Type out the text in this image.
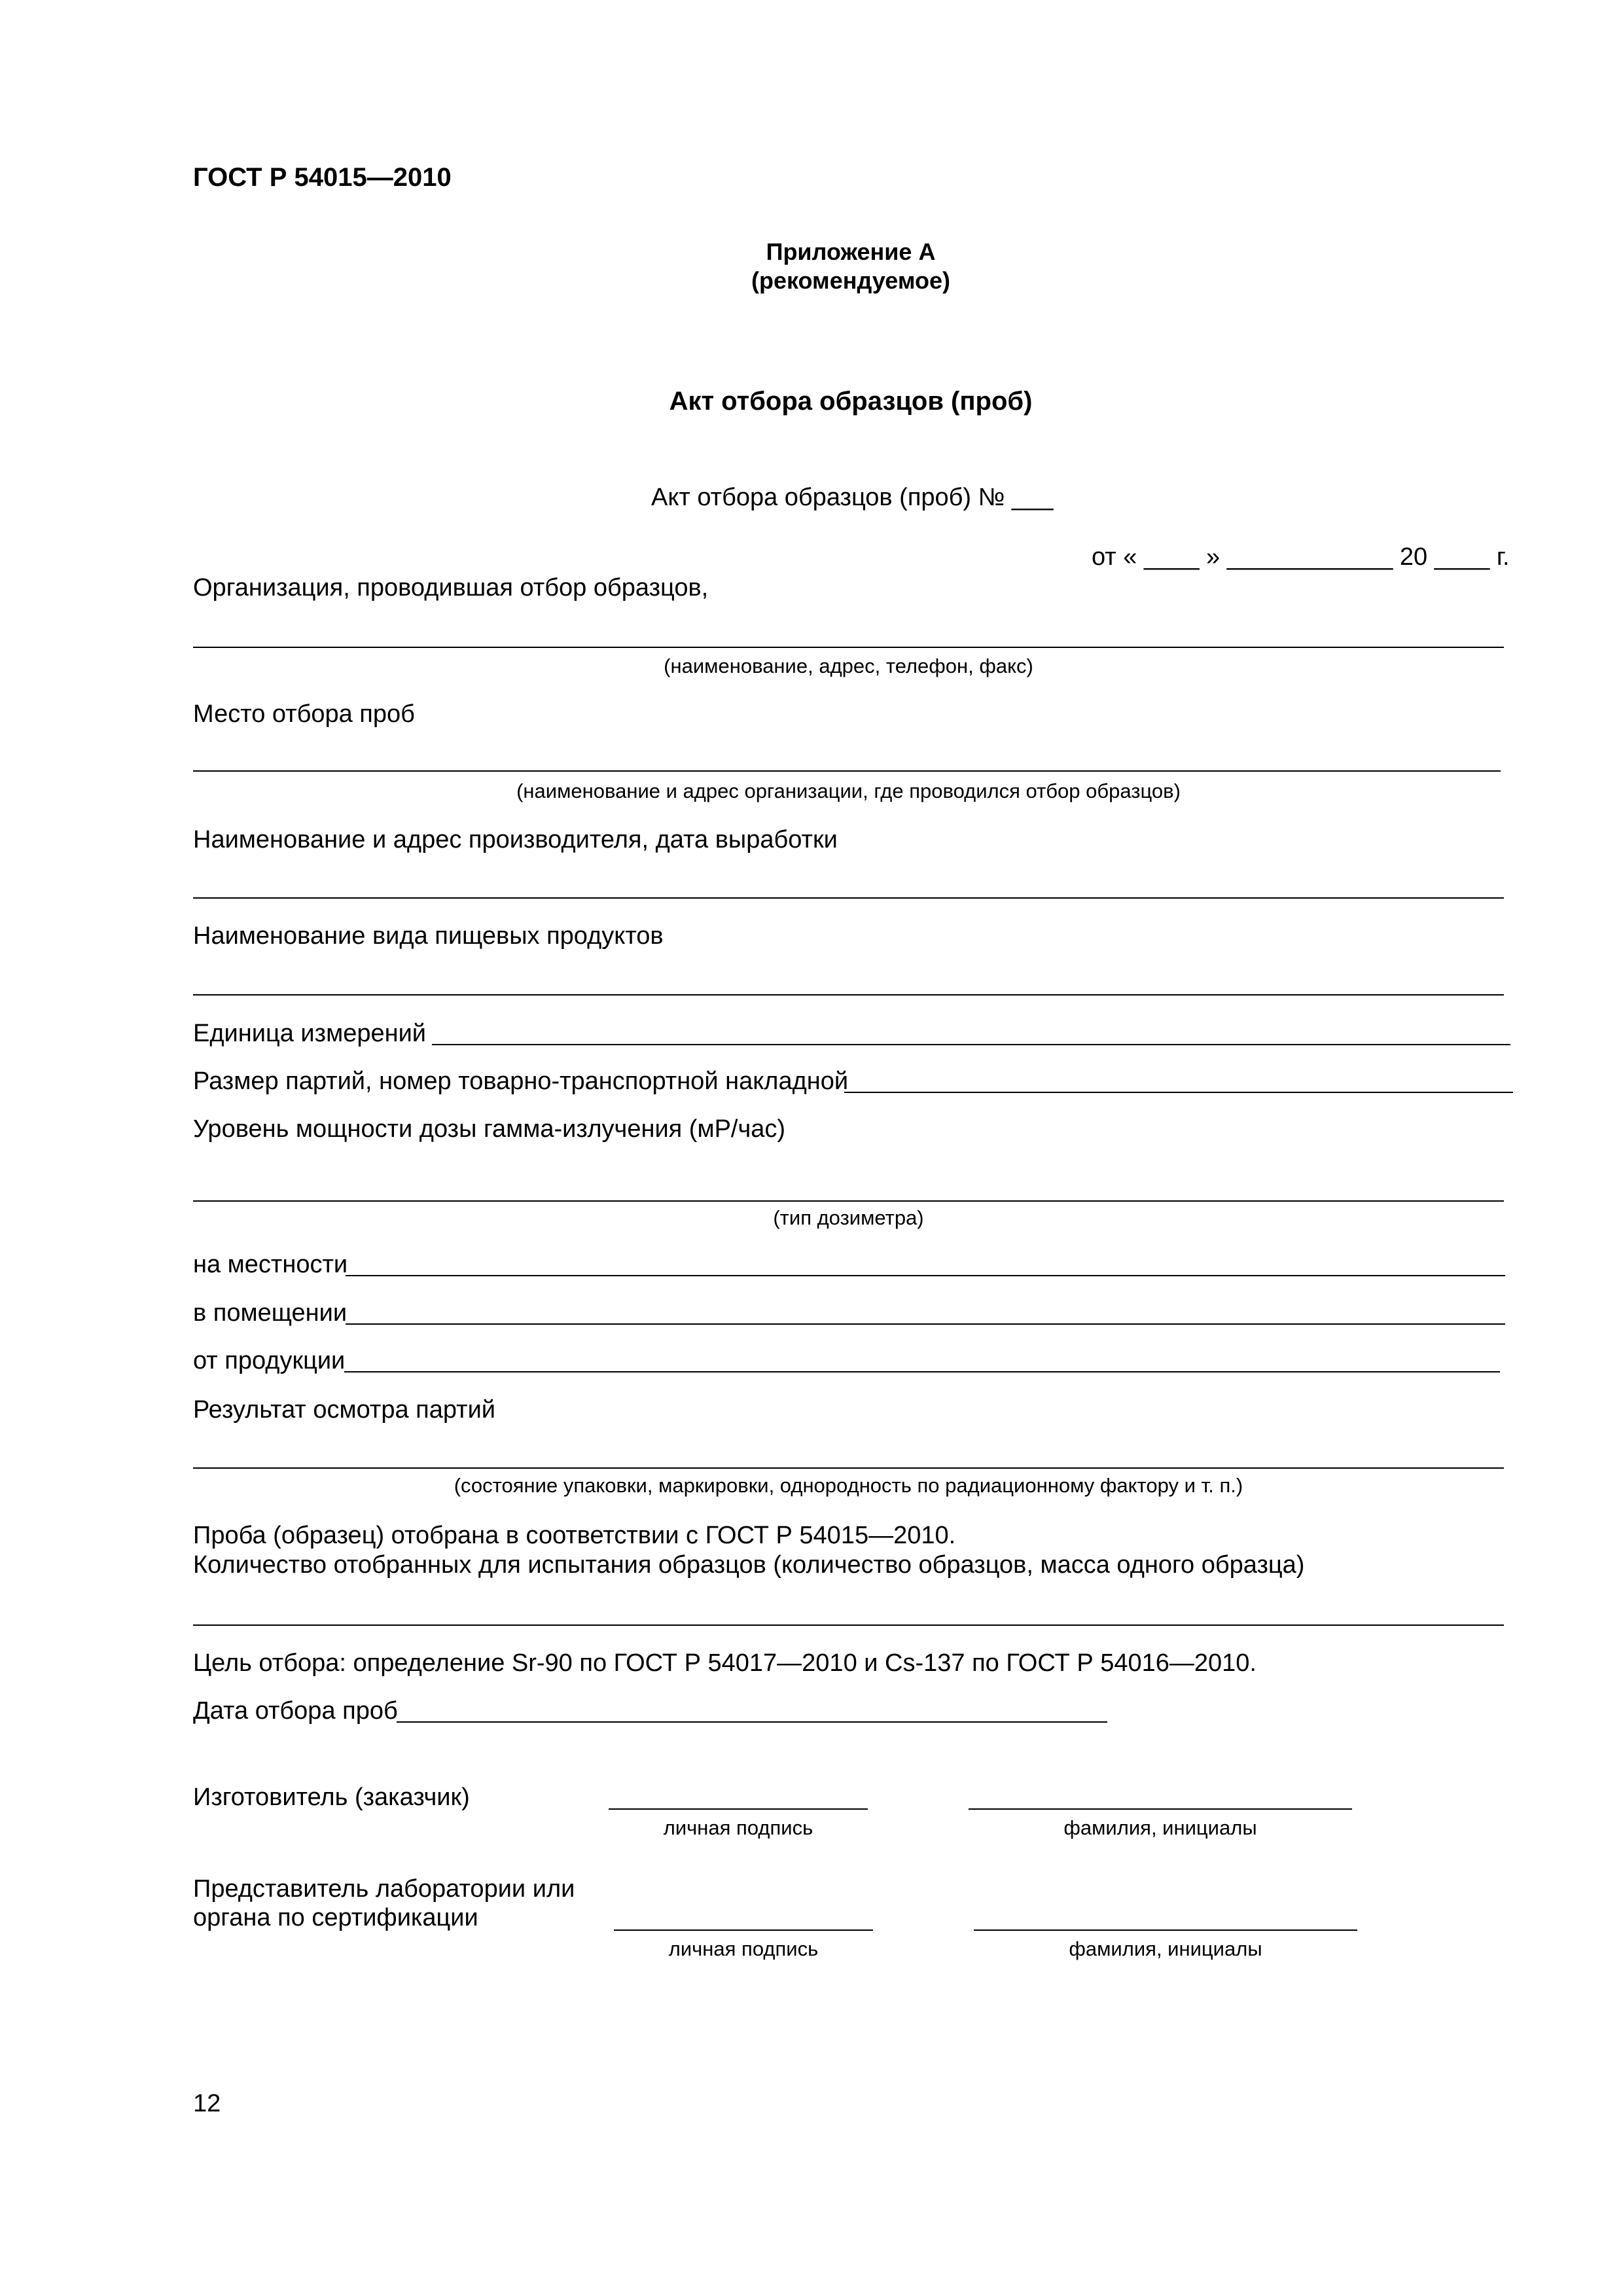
ГОСТ Р 54015—2010
Приложение А
(рекомендуемое)
Акт отбора образцов (проб)
Акт отбора образцов (проб) № ___
от « ____ » ____________ 20 ____ г.
Организация, проводившая отбор образцов,
(наименование, адрес, телефон, факс)
Место отбора проб
(наименование и адрес организации, где проводился отбор образцов)
Наименование и адрес производителя, дата выработки
Наименование вида пищевых продуктов
Единица измерений
Размер партий, номер товарно-транспортной накладной
Уровень мощности дозы гамма-излучения (мР/час)
(тип дозиметра)
на местности
в помещении
от продукции
Результат осмотра партий
(состояние упаковки, маркировки, однородность по радиационному фактору и т. п.)
Проба (образец) отобрана в соответствии с ГОСТ Р 54015—2010.
Количество отобранных для испытания образцов (количество образцов, масса одного образца)
Цель отбора: определение Sr-90 по ГОСТ Р 54017—2010 и Cs-137 по ГОСТ Р 54016—2010.
Дата отбора проб
Изготовитель (заказчик)
личная подпись	фамилия, инициалы
Представитель лаборатории или
органа по сертификации
личная подпись	фамилия, инициалы
12
